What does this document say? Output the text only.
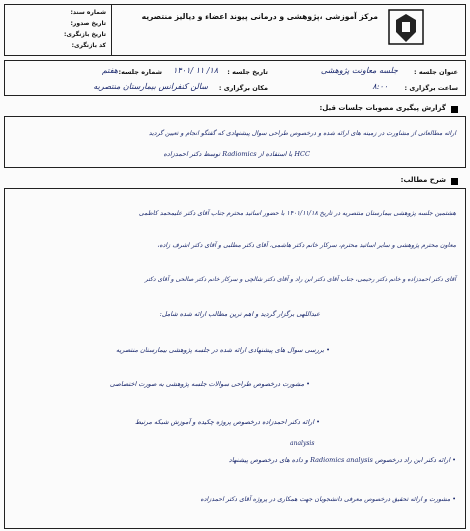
مرکز آموزشی ،پژوهشی و درمانی پیوند اعضاء و دیالیز منتصریه
شماره سند:
تاریخ صدور:
تاریخ بازنگری:
کد بازنگری:
عنوان جلسه :
جلسه معاونت پژوهشی
تاریخ جلسه :
۱۴۰۱/ ۱۱ /۱۸
شماره جلسه:
هفتم
ساعت برگزاری :
۸:۰۰
مکان برگزاری :
سالن کنفرانس بیمارستان منتصریه
گزارش پیگیری مصوبات جلسات قبل:
ارائه مطالعاتی از مشاورت در زمینه های ارائه شده و درخصوص طراحی سوال پیشنهادی که گفتگو انجام و تعیین گردید
HCC با استفاده از Radiomics توسط دکتر احمدزاده
شرح مطالب:
هشتمین جلسه پژوهشی بیمارستان منتصریه در تاریخ ۱۴۰۱/۱۱/۱۸ با حضور اساتید محترم جناب آقای دکتر علیمحمد کاظمی
معاون محترم پژوهشی و سایر اساتید محترم، سرکار خانم دکتر هاشمی، آقای دکتر مطلبی و آقای دکتر اشرف زاده،
آقای دکتر احمدزاده و خانم دکتر رحیمی، جناب آقای دکتر ابن راد و آقای دکتر شالچی و سرکار خانم دکتر صالحی و آقای دکتر
عبداللهی برگزار گردید و اهم ترین مطالب ارائه شده شامل:
• بررسی سوال های پیشنهادی ارائه شده در جلسه پژوهشی بیمارستان منتصریه
• مشورت درخصوص طراحی سوالات جلسه پژوهشی به صورت اختصاصی
• ارائه دکتر احمدزاده درخصوص پروژه چکیده و آموزش شبکه مرتبط
analysis
• ارائه دکتر ابن راد درخصوص Radiomics analysis و داده های درخصوص پیشنهاد
• مشورت و ارائه تحقیق درخصوص معرفی دانشجویان جهت همکاری در پروژه آقای دکتر احمدزاده
